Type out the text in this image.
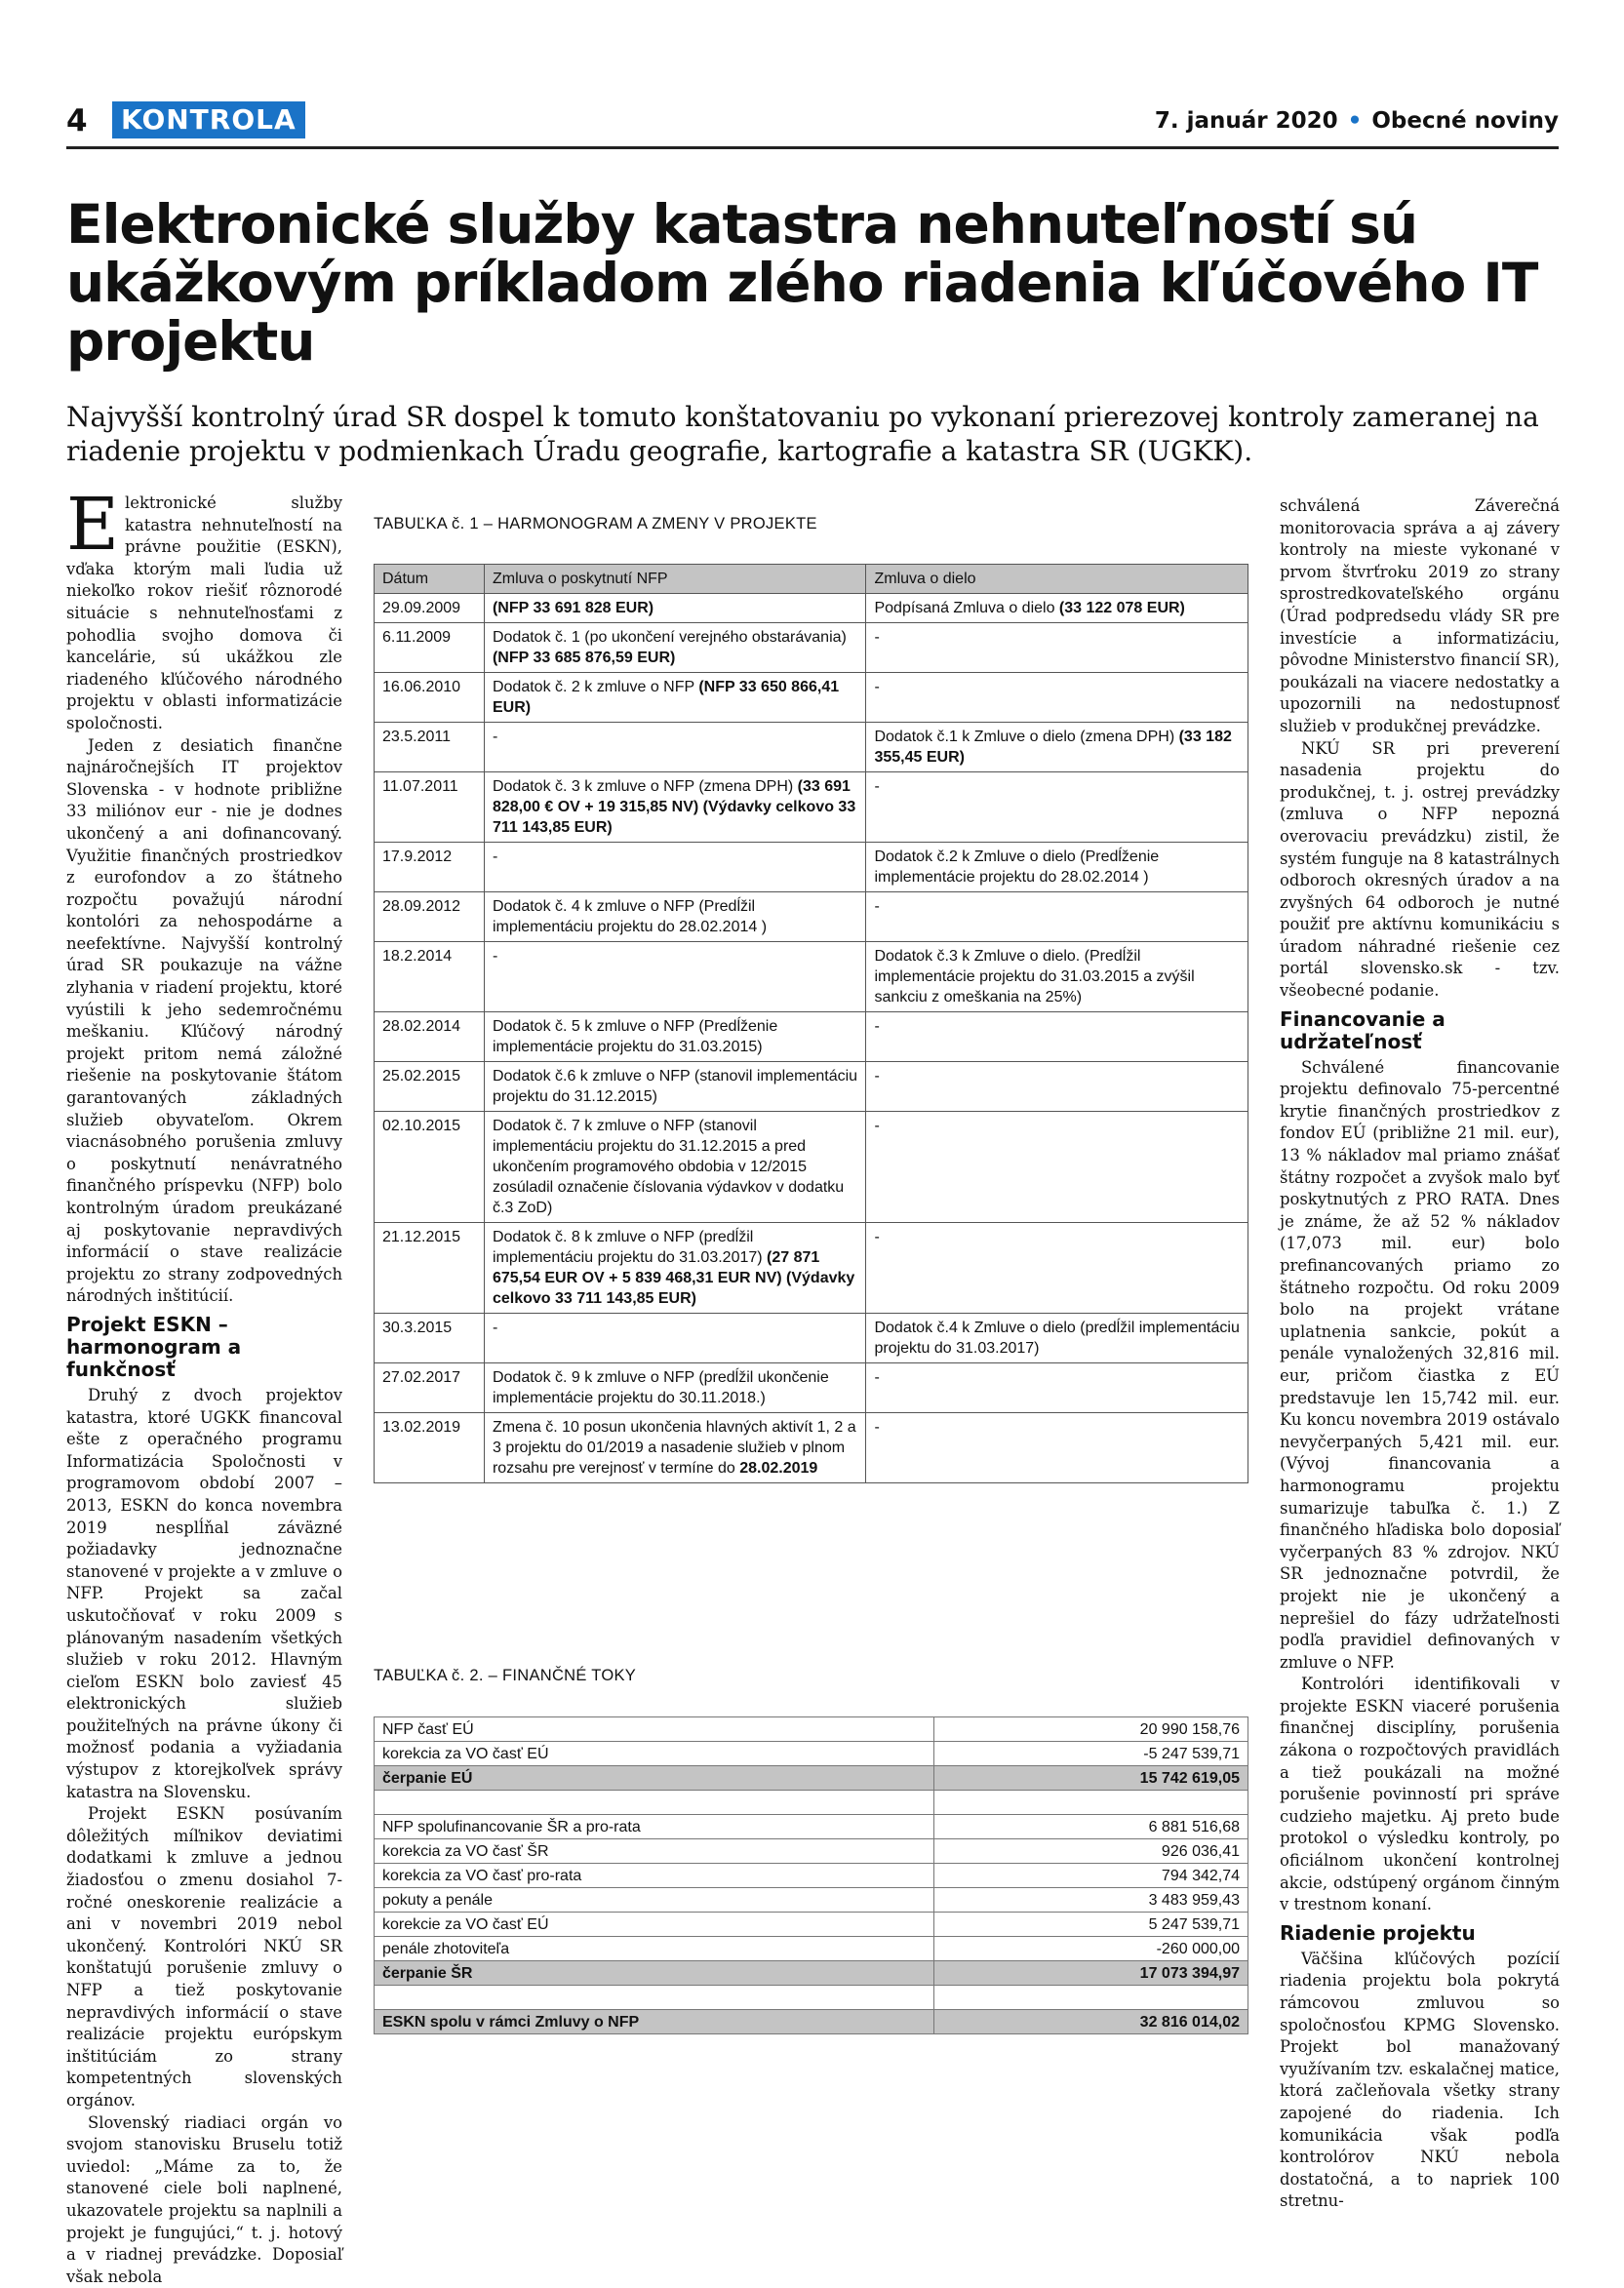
4	KONTROLA	7. január 2020 • Obecné noviny
Elektronické služby katastra nehnuteľností sú ukážkovým príkladom zlého riadenia kľúčového IT projektu

Najvyšší kontrolný úrad SR dospel k tomuto konštatovaniu po vykonaní prierezovej kontroly zameranej na riadenie projektu v podmienkach Úradu geografie, kartografie a katastra SR (UGKK).

Elektronické služby katastra nehnuteľností na právne použitie (ESKN), vďaka ktorým mali ľudia už niekoľko rokov riešiť rôznorodé situácie s nehnuteľnosťami z pohodlia svojho domova či kancelárie, sú ukážkou zle riadeného kľúčového národného projektu v oblasti informatizácie spoločnosti.

Jeden z desiatich finančne najnáročnejších IT projektov Slovenska - v hodnote približne 33 miliónov eur - nie je dodnes ukončený a ani dofinancovaný. Využitie finančných prostriedkov z eurofondov a zo štátneho rozpočtu považujú národní kontolóri za nehospodárne a neefektívne. Najvyšší kontrolný úrad SR poukazuje na vážne zlyhania v riadení projektu, ktoré vyústili k jeho sedemročnému meškaniu. Kľúčový národný projekt pritom nemá záložné riešenie na poskytovanie štátom garantovaných základných služieb obyvateľom. Okrem viacnásobného porušenia zmluvy o poskytnutí nenávratného finančného príspevku (NFP) bolo kontrolným úradom preukázané aj poskytovanie nepravdivých informácií o stave realizácie projektu zo strany zodpovedných národných inštitúcií.

Projekt ESKN – harmonogram a funkčnosť

Druhý z dvoch projektov katastra, ktoré UGKK financoval ešte z operačného programu Informatizácia Spoločnosti v programovom období 2007 – 2013, ESKN do konca novembra 2019 nesplĺňal záväzné požiadavky jednoznačne stanovené v projekte a v zmluve o NFP. Projekt sa začal uskutočňovať v roku 2009 s plánovaným nasadením všetkých služieb v roku 2012. Hlavným cieľom ESKN bolo zaviesť 45 elektronických služieb použiteľných na právne úkony či možnosť podania a vyžiadania výstupov z ktorejkoľvek správy katastra na Slovensku.

Projekt ESKN posúvaním dôležitých míľnikov deviatimi dodatkami k zmluve a jednou žiadosťou o zmenu dosiahol 7-ročné oneskorenie realizácie a ani v novembri 2019 nebol ukončený. Kontrolóri NKÚ SR konštatujú porušenie zmluvy o NFP a tiež poskytovanie nepravdivých informácií o stave realizácie projektu európskym inštitúciám zo strany kompetentných slovenských orgánov.

Slovenský riadiaci orgán vo svojom stanovisku Bruselu totiž uviedol: „Máme za to, že stanovené ciele boli naplnené, ukazovatele projektu sa naplnili a projekt je fungujúci,“ t. j. hotový a v riadnej prevádzke. Doposiaľ však nebola

TABUĽKA č. 1 – HARMONOGRAM A ZMENY V PROJEKTE
Dátum	Zmluva o poskytnutí NFP	Zmluva o dielo
29.09.2009	(NFP 33 691 828 EUR)	Podpísaná Zmluva o dielo (33 122 078 EUR)
6.11.2009	Dodatok č. 1 (po ukončení verejného obstarávania) (NFP 33 685 876,59 EUR)	-
16.06.2010	Dodatok č. 2 k zmluve o NFP (NFP 33 650 866,41 EUR)	-
23.5.2011	-	Dodatok č.1 k Zmluve o dielo (zmena DPH) (33 182 355,45 EUR)
11.07.2011	Dodatok č. 3 k zmluve o NFP (zmena DPH) (33 691 828,00 € OV + 19 315,85 NV) (Výdavky celkovo 33 711 143,85 EUR)	-
17.9.2012	-	Dodatok č.2 k Zmluve o dielo (Predĺženie implementácie projektu do 28.02.2014 )
28.09.2012	Dodatok č. 4 k zmluve o NFP (Predĺžil implementáciu projektu do 28.02.2014 )	-
18.2.2014	-	Dodatok č.3 k Zmluve o dielo. (Predĺžil implementácie projektu do 31.03.2015 a zvýšil sankciu z omeškania na 25%)
28.02.2014	Dodatok č. 5 k zmluve o NFP (Predĺženie implementácie projektu do 31.03.2015)	-
25.02.2015	Dodatok č.6 k zmluve o NFP (stanovil implementáciu projektu do 31.12.2015)	-
02.10.2015	Dodatok č. 7 k zmluve o NFP (stanovil implementáciu projektu do 31.12.2015 a pred ukončením programového obdobia v 12/2015 zosúladil označenie číslovania výdavkov v dodatku č.3 ZoD)	-
21.12.2015	Dodatok č. 8 k zmluve o NFP (predĺžil implementáciu projektu do 31.03.2017) (27 871 675,54 EUR OV + 5 839 468,31 EUR NV) (Výdavky celkovo 33 711 143,85 EUR)	-
30.3.2015	-	Dodatok č.4 k Zmluve o dielo (predĺžil implementáciu projektu do 31.03.2017)
27.02.2017	Dodatok č. 9 k zmluve o NFP (predĺžil ukončenie implementácie projektu do 30.11.2018.)	-
13.02.2019	Zmena č. 10 posun ukončenia hlavných aktivít 1, 2 a 3 projektu do 01/2019 a nasadenie služieb v plnom rozsahu pre verejnosť v termíne do 28.02.2019	-
TABUĽKA č. 2. – FINANČNÉ TOKY
NFP časť EÚ	20 990 158,76
korekcia za VO časť EÚ	-5 247 539,71
čerpanie EÚ	15 742 619,05

NFP spolufinancovanie ŠR a pro-rata	6 881 516,68
korekcia za VO časť ŠR	926 036,41
korekcia za VO časť pro-rata	794 342,74
pokuty a penále	3 483 959,43
korekcie za VO časť EÚ	5 247 539,71
penále zhotoviteľa	-260 000,00
čerpanie ŠR	17 073 394,97

ESKN spolu v rámci Zmluvy o NFP	32 816 014,02

schválená Záverečná monitorovacia správa a aj závery kontroly na mieste vykonané v prvom štvrťroku 2019 zo strany sprostredkovateľského orgánu (Úrad podpredsedu vlády SR pre investície a informatizáciu, pôvodne Ministerstvo financií SR), poukázali na viacere nedostatky a upozornili na nedostupnosť služieb v produkčnej prevádzke.

NKÚ SR pri preverení nasadenia projektu do produkčnej, t. j. ostrej prevádzky (zmluva o NFP nepozná overovaciu prevádzku) zistil, že systém funguje na 8 katastrálnych odboroch okresných úradov a na zvyšných 64 odboroch je nutné použiť pre aktívnu komunikáciu s úradom náhradné riešenie cez portál slovensko.sk - tzv. všeobecné podanie.

Financovanie a udržateľnosť

Schválené financovanie projektu definovalo 75-percentné krytie finančných prostriedkov z fondov EÚ (približne 21 mil. eur), 13 % nákladov mal priamo znášať štátny rozpočet a zvyšok malo byť poskytnutých z PRO RATA. Dnes je známe, že až 52 % nákladov (17,073 mil. eur) bolo prefinancovaných priamo zo štátneho rozpočtu. Od roku 2009 bolo na projekt vrátane uplatnenia sankcie, pokút a penále vynaložených 32,816 mil. eur, pričom čiastka z EÚ predstavuje len 15,742 mil. eur. Ku koncu novembra 2019 ostávalo nevyčerpaných 5,421 mil. eur. (Vývoj financovania a harmonogramu projektu sumarizuje tabuľka č. 1.) Z finančného hľadiska bolo doposiaľ vyčerpaných 83 % zdrojov. NKÚ SR jednoznačne potvrdil, že projekt nie je ukončený a neprešiel do fázy udržateľnosti podľa pravidiel definovaných v zmluve o NFP.

Kontrolóri identifikovali v projekte ESKN viaceré porušenia finančnej disciplíny, porušenia zákona o rozpočtových pravidlách a tiež poukázali na možné porušenie povinností pri správe cudzieho majetku. Aj preto bude protokol o výsledku kontroly, po oficiálnom ukončení kontrolnej akcie, odstúpený orgánom činným v trestnom konaní.

Riadenie projektu

Väčšina kľúčových pozícií riadenia projektu bola pokrytá rámcovou zmluvou so spoločnosťou KPMG Slovensko. Projekt bol manažovaný využívaním tzv. eskalačnej matice, ktorá začleňovala všetky strany zapojené do riadenia. Ich komunikácia však podľa kontrolórov NKÚ nebola dostatočná, a to napriek 100 stretnu-
